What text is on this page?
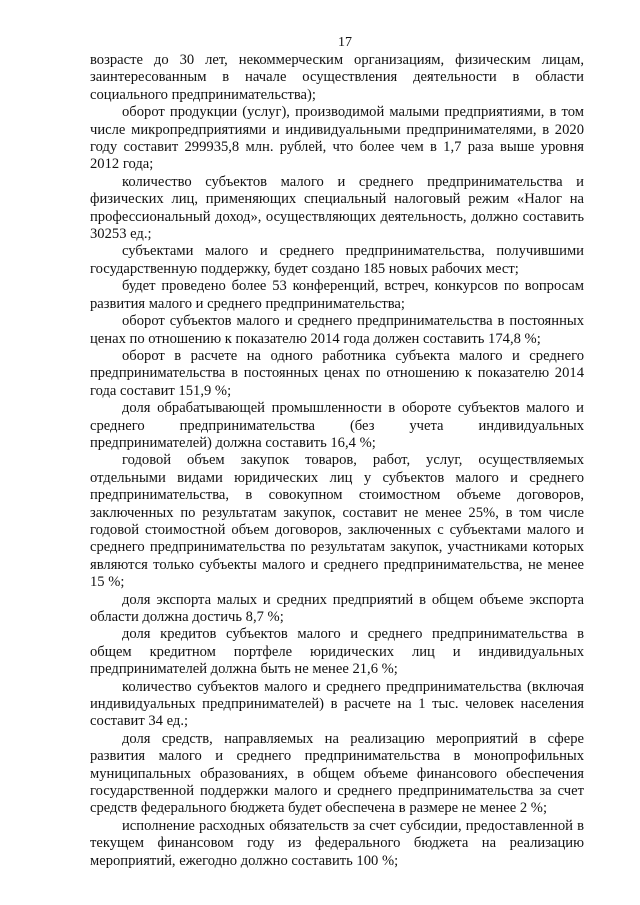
17

возрасте до 30 лет, некоммерческим организациям, физическим лицам, заинтересованным в начале осуществления деятельности в области социального предпринимательства);

оборот продукции (услуг), производимой малыми предприятиями, в том числе микропредприятиями и индивидуальными предпринимателями, в 2020 году составит 299935,8 млн. рублей, что более чем в 1,7 раза выше уровня 2012 года;

количество субъектов малого и среднего предпринимательства и физических лиц, применяющих специальный налоговый режим «Налог на профессиональный доход», осуществляющих деятельность, должно составить 30253 ед.;

субъектами малого и среднего предпринимательства, получившими государственную поддержку, будет создано 185 новых рабочих мест;

будет проведено более 53 конференций, встреч, конкурсов по вопросам развития малого и среднего предпринимательства;

оборот субъектов малого и среднего предпринимательства в постоянных ценах по отношению к показателю 2014 года должен составить 174,8 %;

оборот в расчете на одного работника субъекта малого и среднего предпринимательства в постоянных ценах по отношению к показателю 2014 года составит 151,9 %;

доля обрабатывающей промышленности в обороте субъектов малого и среднего предпринимательства (без учета индивидуальных предпринимателей) должна составить 16,4 %;

годовой объем закупок товаров, работ, услуг, осуществляемых отдельными видами юридических лиц у субъектов малого и среднего предпринимательства, в совокупном стоимостном объеме договоров, заключенных по результатам закупок, составит не менее 25%, в том числе годовой стоимостной объем договоров, заключенных с субъектами малого и среднего предпринимательства по результатам закупок, участниками которых являются только субъекты малого и среднего предпринимательства, не менее 15 %;

доля экспорта малых и средних предприятий в общем объеме экспорта области должна достичь 8,7 %;

доля кредитов субъектов малого и среднего предпринимательства в общем кредитном портфеле юридических лиц и индивидуальных предпринимателей должна быть не менее 21,6 %;

количество субъектов малого и среднего предпринимательства (включая индивидуальных предпринимателей) в расчете на 1 тыс. человек населения составит 34 ед.;

доля средств, направляемых на реализацию мероприятий в сфере развития малого и среднего предпринимательства в монопрофильных муниципальных образованиях, в общем объеме финансового обеспечения государственной поддержки малого и среднего предпринимательства за счет средств федерального бюджета будет обеспечена в размере не менее 2 %;

исполнение расходных обязательств за счет субсидии, предоставленной в текущем финансовом году из федерального бюджета на реализацию мероприятий, ежегодно должно составить 100 %;
